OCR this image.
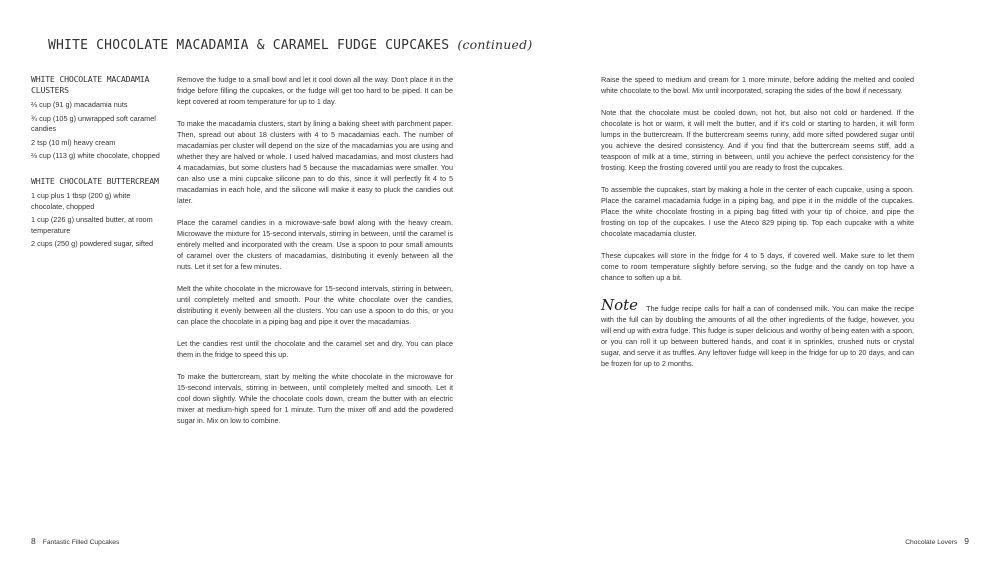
WHITE CHOCOLATE MACADAMIA & CARAMEL FUDGE CUPCAKES (continued)
WHITE CHOCOLATE MACADAMIA CLUSTERS
⅔ cup (91 g) macadamia nuts
¾ cup (105 g) unwrapped soft caramel candies
2 tsp (10 ml) heavy cream
⅔ cup (113 g) white chocolate, chopped
WHITE CHOCOLATE BUTTERCREAM
1 cup plus 1 tbsp (200 g) white chocolate, chopped
1 cup (226 g) unsalted butter, at room temperature
2 cups (250 g) powdered sugar, sifted

Remove the fudge to a small bowl and let it cool down all the way. Don't place it in the fridge before filling the cupcakes, or the fudge will get too hard to be piped. It can be kept covered at room temperature for up to 1 day.

To make the macadamia clusters, start by lining a baking sheet with parchment paper. Then, spread out about 18 clusters with 4 to 5 macadamias each. The number of macadamias per cluster will depend on the size of the macadamias you are using and whether they are halved or whole. I used halved macadamias, and most clusters had 4 macadamias, but some clusters had 5 because the macadamias were smaller. You can also use a mini cupcake silicone pan to do this, since it will perfectly fit 4 to 5 macadamias in each hole, and the silicone will make it easy to pluck the candies out later.

Place the caramel candies in a microwave-safe bowl along with the heavy cream. Microwave the mixture for 15-second intervals, stirring in between, until the caramel is entirely melted and incorporated with the cream. Use a spoon to pour small amounts of caramel over the clusters of macadamias, distributing it evenly between all the nuts. Let it set for a few minutes.

Melt the white chocolate in the microwave for 15-second intervals, stirring in between, until completely melted and smooth. Pour the white chocolate over the candies, distributing it evenly between all the clusters. You can use a spoon to do this, or you can place the chocolate in a piping bag and pipe it over the macadamias.

Let the candies rest until the chocolate and the caramel set and dry. You can place them in the fridge to speed this up.

To make the buttercream, start by melting the white chocolate in the microwave for 15-second intervals, stirring in between, until completely melted and smooth. Let it cool down slightly. While the chocolate cools down, cream the butter with an electric mixer at medium-high speed for 1 minute. Turn the mixer off and add the powdered sugar in. Mix on low to combine.

8 Fantastic Filled Cupcakes	Chocolate Lovers 9

Raise the speed to medium and cream for 1 more minute, before adding the melted and cooled white chocolate to the bowl. Mix until incorporated, scraping the sides of the bowl if necessary.

Note that the chocolate must be cooled down, not hot, but also not cold or hardened. If the chocolate is hot or warm, it will melt the butter, and if it's cold or starting to harden, it will form lumps in the buttercream. If the buttercream seems runny, add more sifted powdered sugar until you achieve the desired consistency. And if you find that the buttercream seems stiff, add a teaspoon of milk at a time, stirring in between, until you achieve the perfect consistency for the frosting. Keep the frosting covered until you are ready to frost the cupcakes.

To assemble the cupcakes, start by making a hole in the center of each cupcake, using a spoon. Place the caramel macadamia fudge in a piping bag, and pipe it in the middle of the cupcakes. Place the white chocolate frosting in a piping bag fitted with your tip of choice, and pipe the frosting on top of the cupcakes. I use the Ateco 829 piping tip. Top each cupcake with a white chocolate macadamia cluster.

These cupcakes will store in the fridge for 4 to 5 days, if covered well. Make sure to let them come to room temperature slightly before serving, so the fudge and the candy on top have a chance to soften up a bit.

Note	The fudge recipe calls for half a can of condensed milk. You can make the recipe with the full can by doubling the amounts of all the other ingredients of the fudge, however, you will end up with extra fudge. This fudge is super delicious and worthy of being eaten with a spoon, or you can roll it up between buttered hands, and coat it in sprinkles, crushed nuts or crystal sugar, and serve it as truffles. Any leftover fudge will keep in the fridge for up to 20 days, and can be frozen for up to 2 months.
